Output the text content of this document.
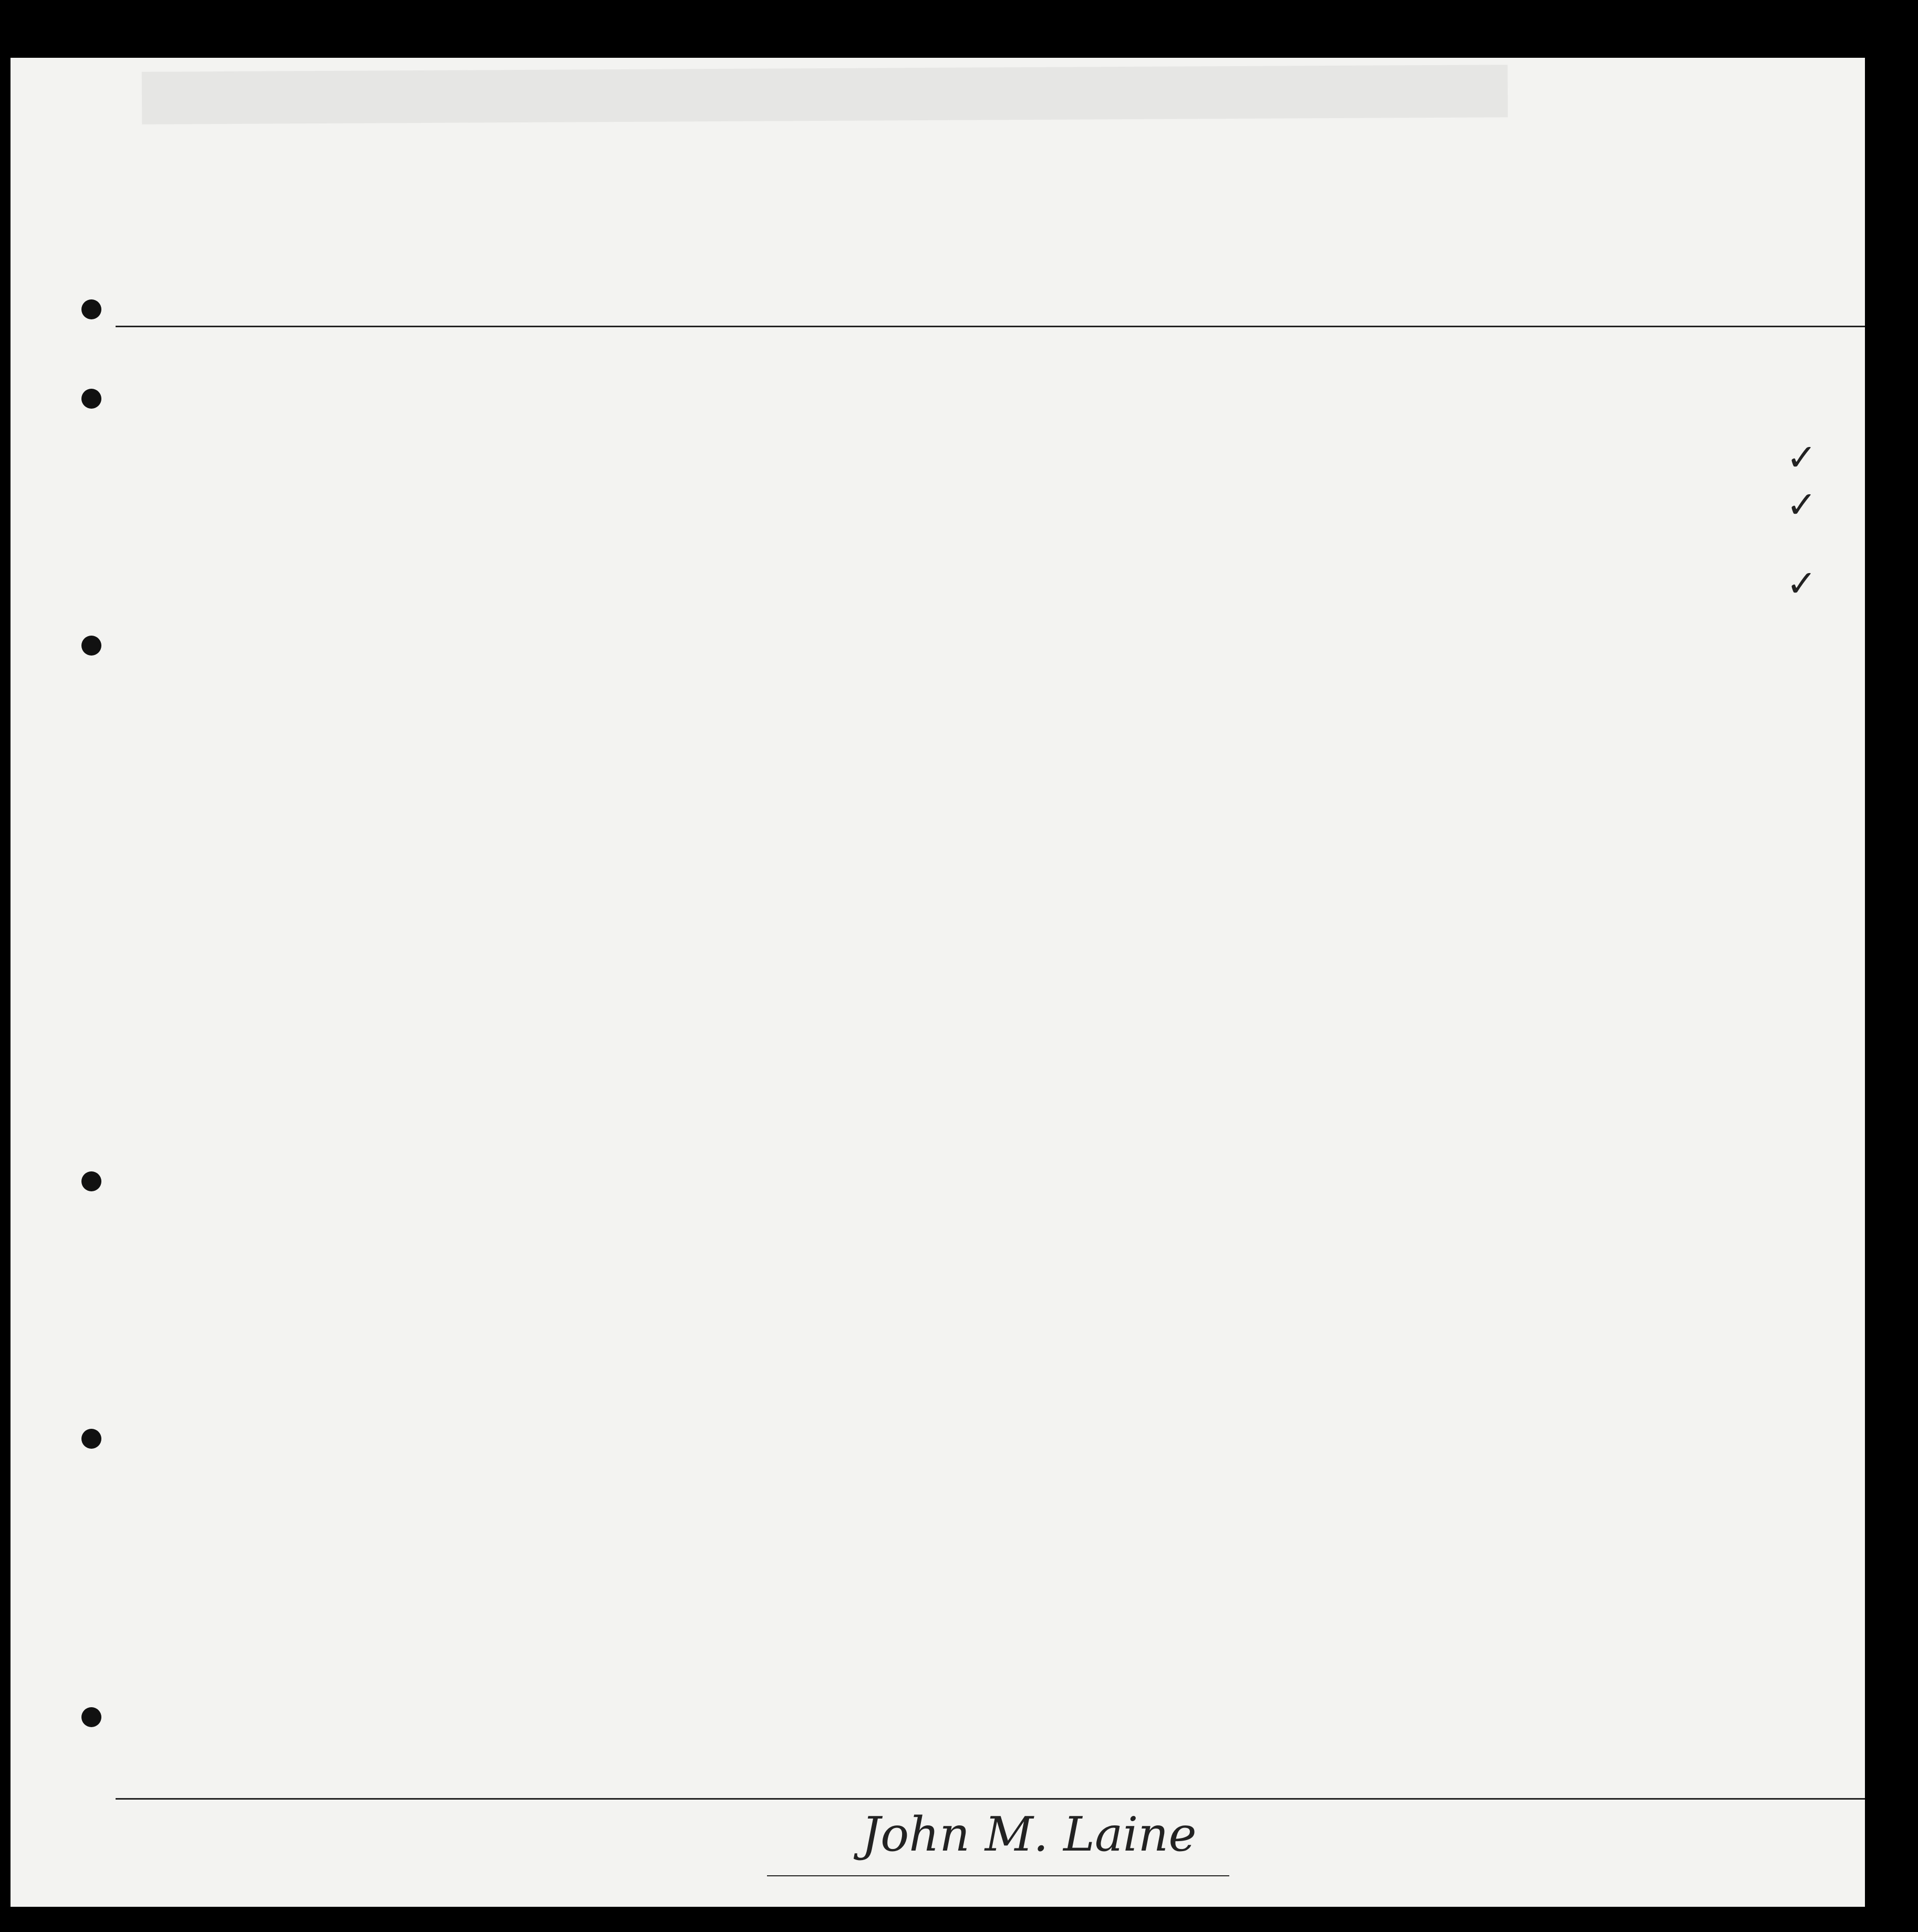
✓
✓
✓
John M. Laine
